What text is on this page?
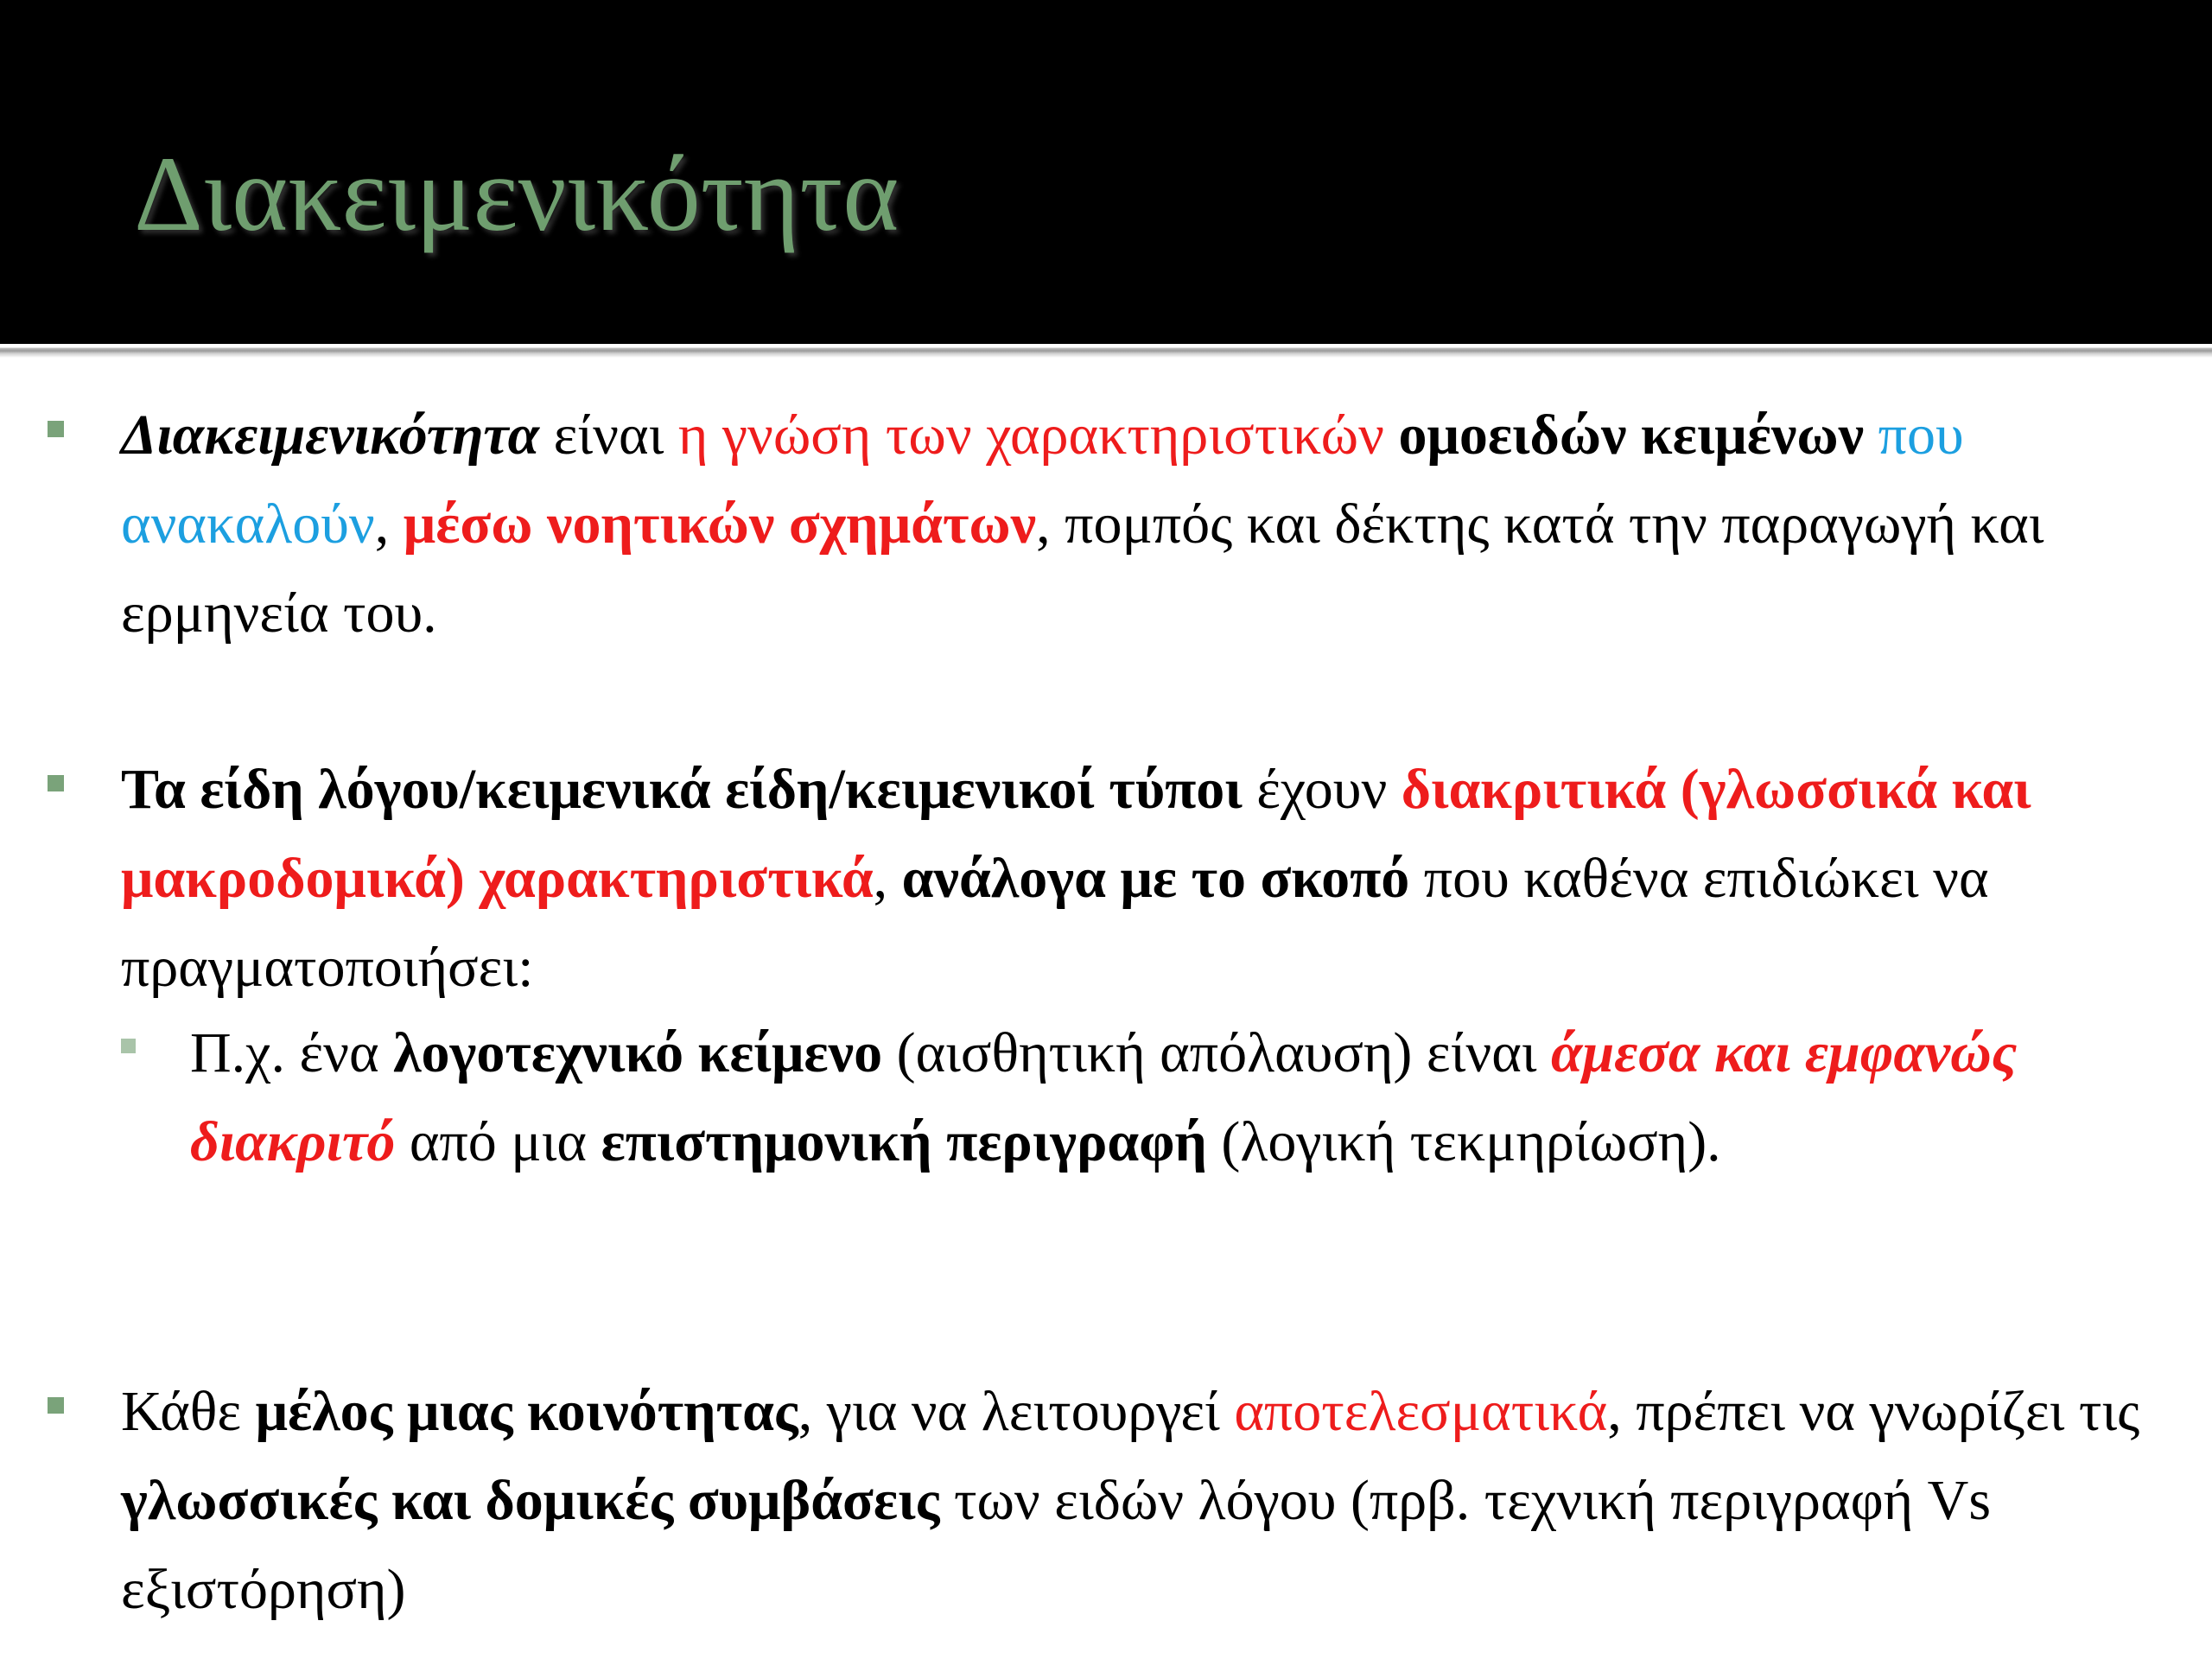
Διακειμενικότητα
Διακειμενικότητα είναι η γνώση των χαρακτηριστικών ομοειδών κειμένων που ανακαλούν, μέσω νοητικών σχημάτων, πομπός και δέκτης κατά την παραγωγή και ερμηνεία του.
Τα είδη λόγου/κειμενικά είδη/κειμενικοί τύποι έχουν διακριτικά (γλωσσικά και μακροδομικά) χαρακτηριστικά, ανάλογα με το σκοπό που καθένα επιδιώκει να πραγματοποιήσει:
Π.χ. ένα λογοτεχνικό κείμενο (αισθητική απόλαυση) είναι άμεσα και εμφανώς διακριτό από μια επιστημονική περιγραφή (λογική τεκμηρίωση).
Κάθε μέλος μιας κοινότητας, για να λειτουργεί αποτελεσματικά, πρέπει να γνωρίζει τις γλωσσικές και δομικές συμβάσεις των ειδών λόγου (πρβ. τεχνική περιγραφή Vs εξιστόρηση)
